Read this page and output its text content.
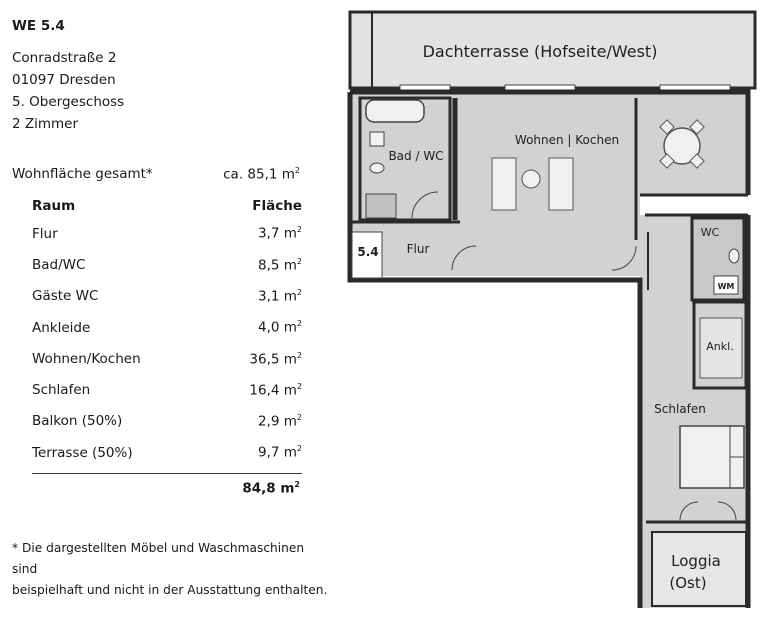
WE 5.4
Conradstraße 2
01097 Dresden
5. Obergeschoss
2 Zimmer
Wohnfläche gesamt*	ca. 85,1 $m^2$
Raum	Fläche
Flur	3,7 $m^2$
Bad/WC	8,5 $m^2$
Gäste WC	3,1 $m^2$
Ankleide	4,0 $m^2$
Wohnen/Kochen	36,5 $m^2$
Schlafen	16,4 $m^2$
Balkon (50%)	2,9 $m^2$
Terrasse (50%)	9,7 $m^2$
84,8 $m^2$
* Die dargestellten Möbel und Waschmaschinen sind
beispielhaft und nicht in der Ausstattung enthalten.
Dachterrasse (Hofseite/West)
Bad / WC
5.4 Flur
Wohnen | Kochen
WC
WM
Ankl.
Schlafen
Loggia
(Ost)
